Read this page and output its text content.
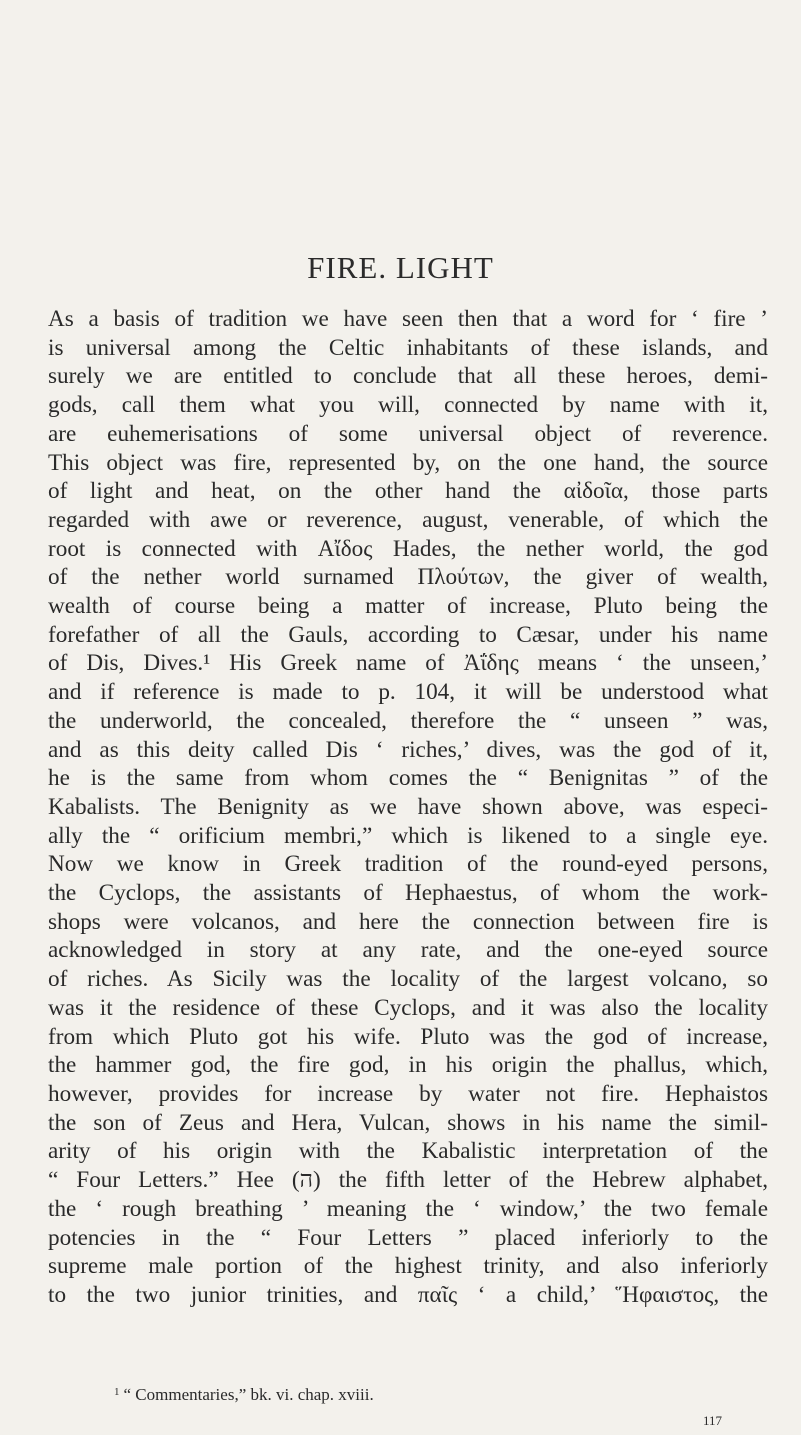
FIRE. LIGHT
As a basis of tradition we have seen then that a word for ‘ fire ’
is universal among the Celtic inhabitants of these islands, and
surely we are entitled to conclude that all these heroes, demi-
gods, call them what you will, connected by name with it,
are euhemerisations of some universal object of reverence.
This object was fire, represented by, on the one hand, the source
of light and heat, on the other hand the αἰδοῖα, those parts
regarded with awe or reverence, august, venerable, of which the
root is connected with Αἴδος Hades, the nether world, the god
of the nether world surnamed Πλούτων, the giver of wealth,
wealth of course being a matter of increase, Pluto being the
forefather of all the Gauls, according to Cæsar, under his name
of Dis, Dives.¹ His Greek name of Ἀΐδης means ‘ the unseen,’
and if reference is made to p. 104, it will be understood what
the underworld, the concealed, therefore the “ unseen ” was,
and as this deity called Dis ‘ riches,’ dives, was the god of it,
he is the same from whom comes the “ Benignitas ” of the
Kabalists. The Benignity as we have shown above, was especi-
ally the “ orificium membri,” which is likened to a single eye.
Now we know in Greek tradition of the round-eyed persons,
the Cyclops, the assistants of Hephaestus, of whom the work-
shops were volcanos, and here the connection between fire is
acknowledged in story at any rate, and the one-eyed source
of riches. As Sicily was the locality of the largest volcano, so
was it the residence of these Cyclops, and it was also the locality
from which Pluto got his wife. Pluto was the god of increase,
the hammer god, the fire god, in his origin the phallus, which,
however, provides for increase by water not fire. Hephaistos
the son of Zeus and Hera, Vulcan, shows in his name the simil-
arity of his origin with the Kabalistic interpretation of the
“ Four Letters.” Hee (ה) the fifth letter of the Hebrew alphabet,
the ‘ rough breathing ’ meaning the ‘ window,’ the two female
potencies in the “ Four Letters ” placed inferiorly to the
supreme male portion of the highest trinity, and also inferiorly
to the two junior trinities, and παῖς ‘ a child,’ Ἥφαιστος, the
$^1$ “ Commentaries,” bk. vi. chap. xviii.
117
